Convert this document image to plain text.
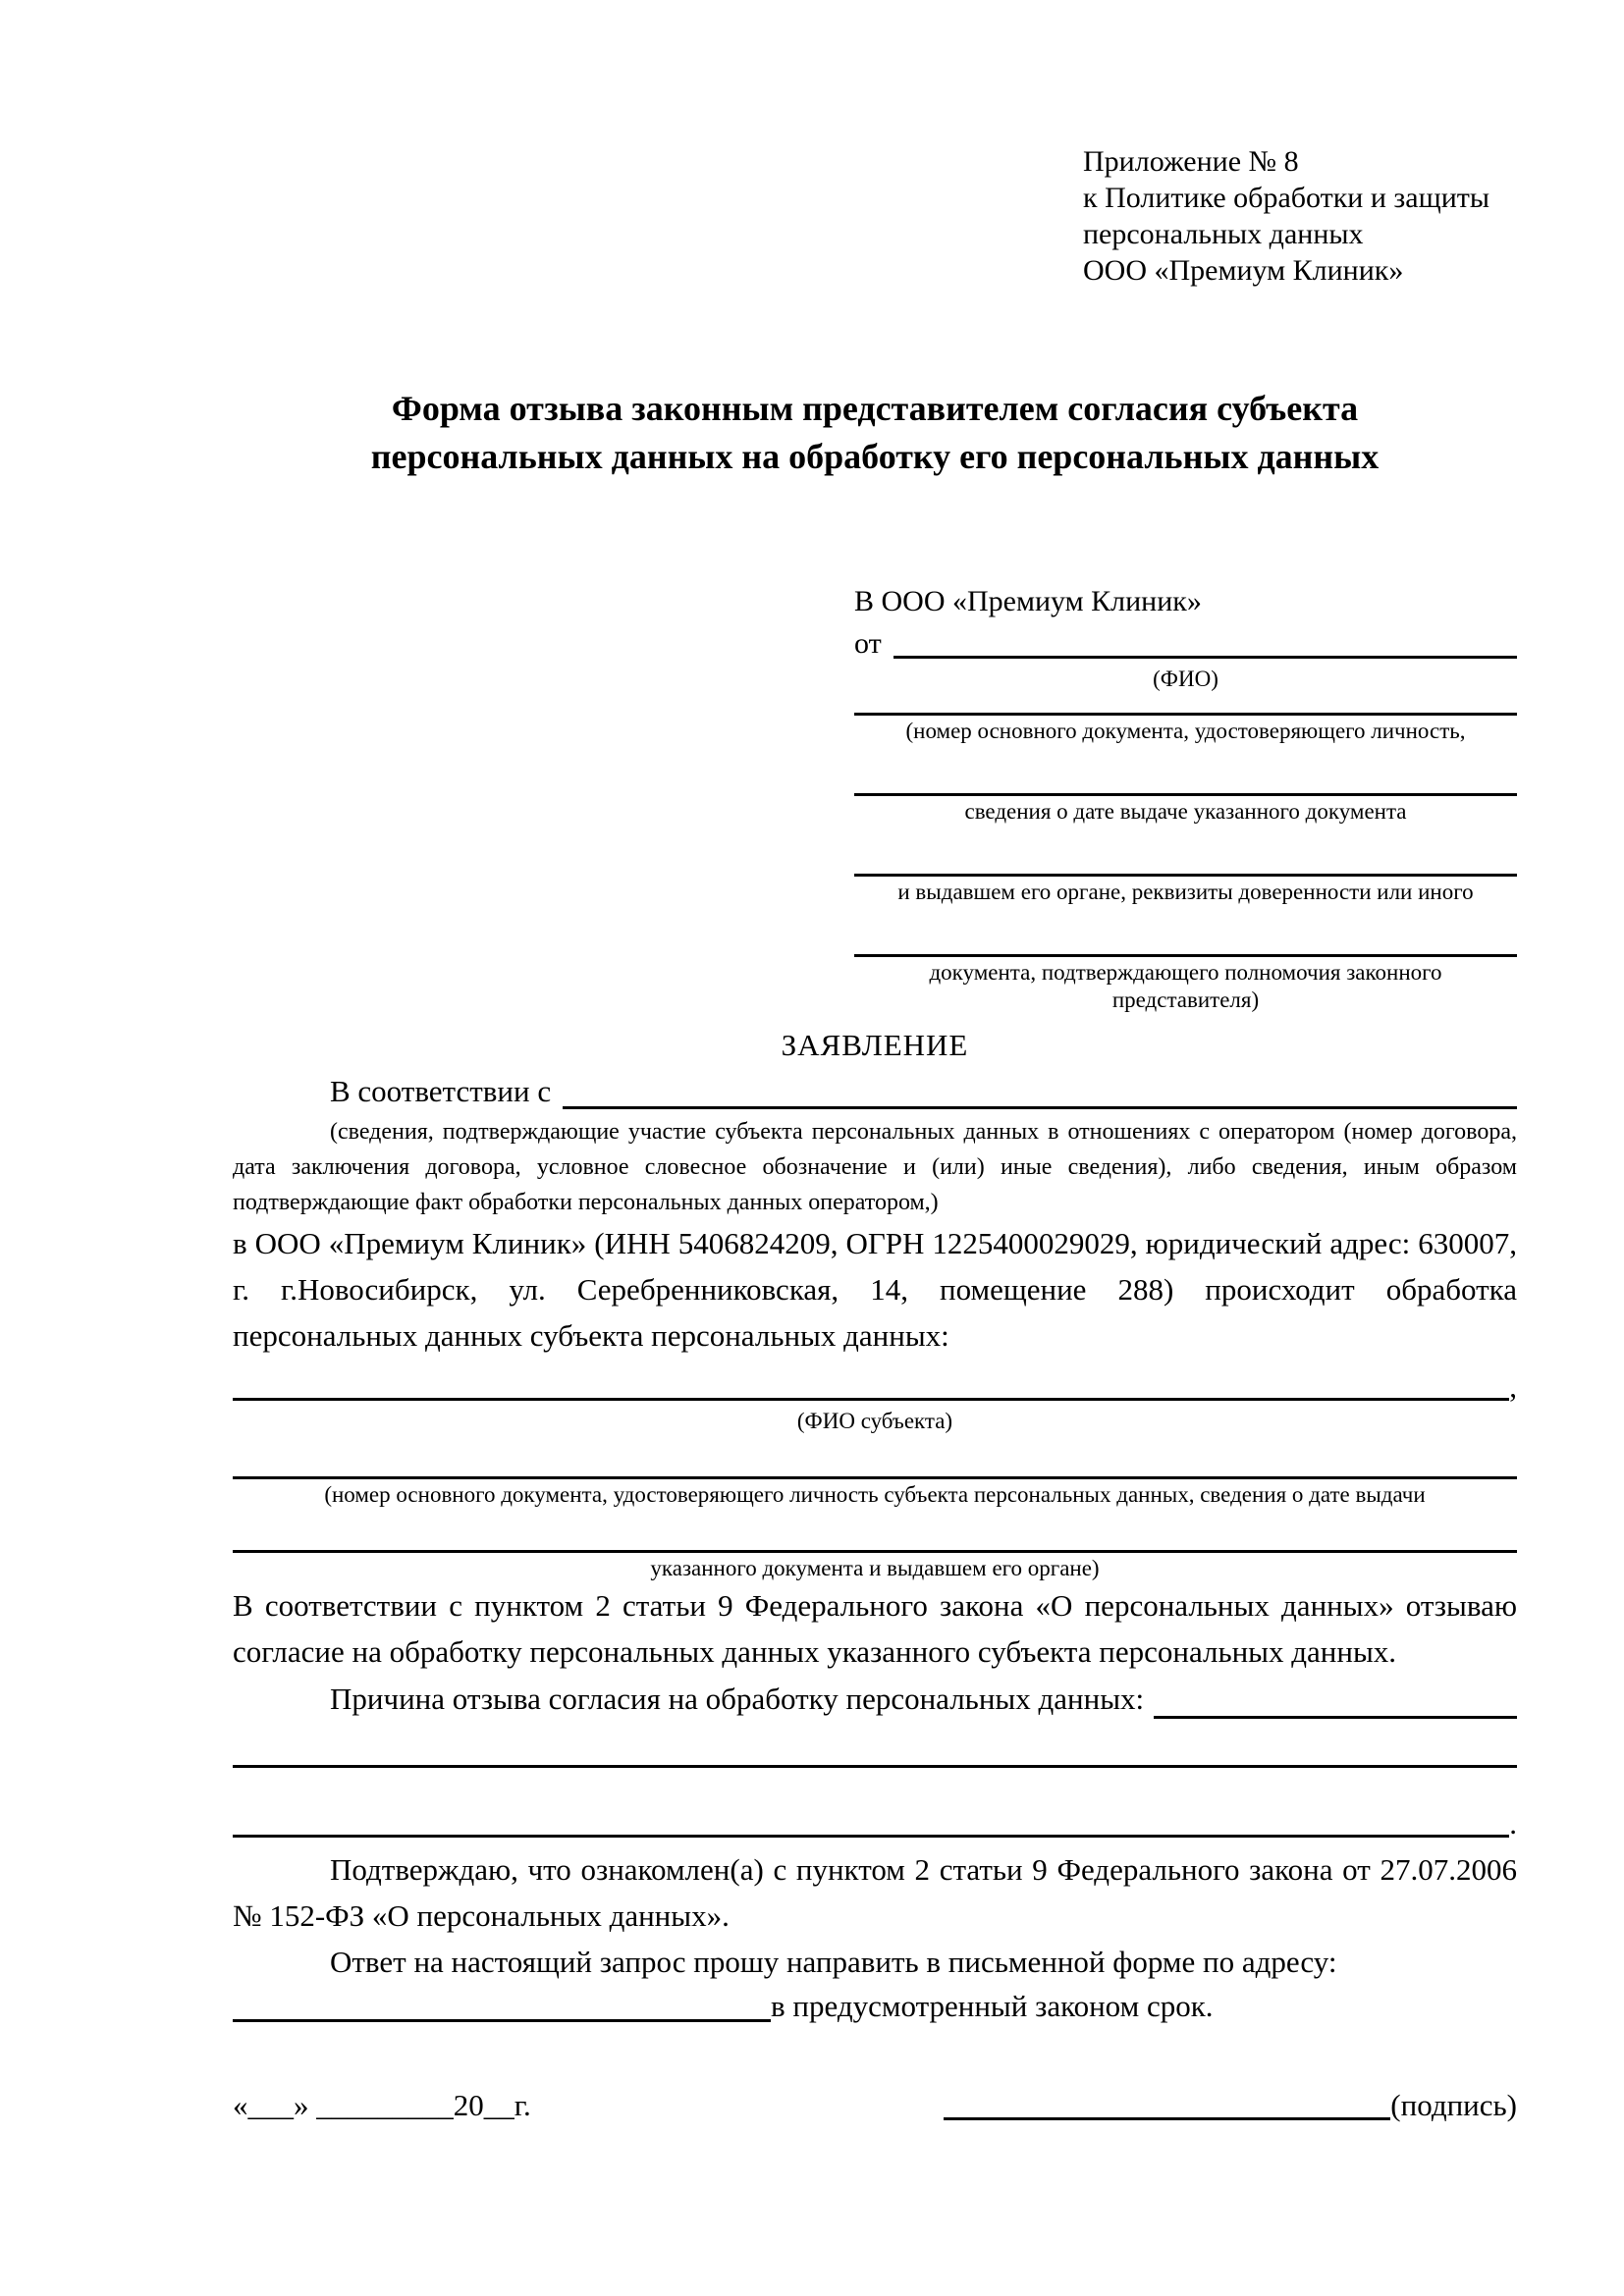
Приложение № 8
к Политике обработки и защиты
персональных данных
ООО «Премиум Клиник»
Форма отзыва законным представителем согласия субъекта
персональных данных на обработку его персональных данных
В ООО «Премиум Клиник»
от
(ФИО)
(номер основного документа, удостоверяющего личность,
сведения о дате выдаче указанного документа
и выдавшем его органе, реквизиты доверенности или иного
документа, подтверждающего полномочия законного представителя)
ЗАЯВЛЕНИЕ
В соответствии с
(сведения, подтверждающие участие субъекта персональных данных в отношениях с оператором (номер договора, дата заключения договора, условное словесное обозначение и (или) иные сведения), либо сведения, иным образом подтверждающие факт обработки персональных данных оператором,)
в ООО «Премиум Клиник» (ИНН 5406824209, ОГРН 1225400029029, юридический адрес: 630007, г. г.Новосибирск, ул. Серебренниковская, 14, помещение 288) происходит обработка персональных данных субъекта персональных данных:
,
(ФИО субъекта)
(номер основного документа, удостоверяющего личность субъекта персональных данных, сведения о дате выдачи
указанного документа и выдавшем его органе)
В соответствии с пунктом 2 статьи 9 Федерального закона «О персональных данных» отзываю согласие на обработку персональных данных указанного субъекта персональных данных.
Причина отзыва согласия на обработку персональных данных:
.
Подтверждаю, что ознакомлен(а) с пунктом 2 статьи 9 Федерального закона от 27.07.2006 № 152-ФЗ «О персональных данных».
Ответ на настоящий запрос прошу направить в письменной форме по адресу:
в предусмотренный законом срок.
«___» _________20__г.	(подпись)
